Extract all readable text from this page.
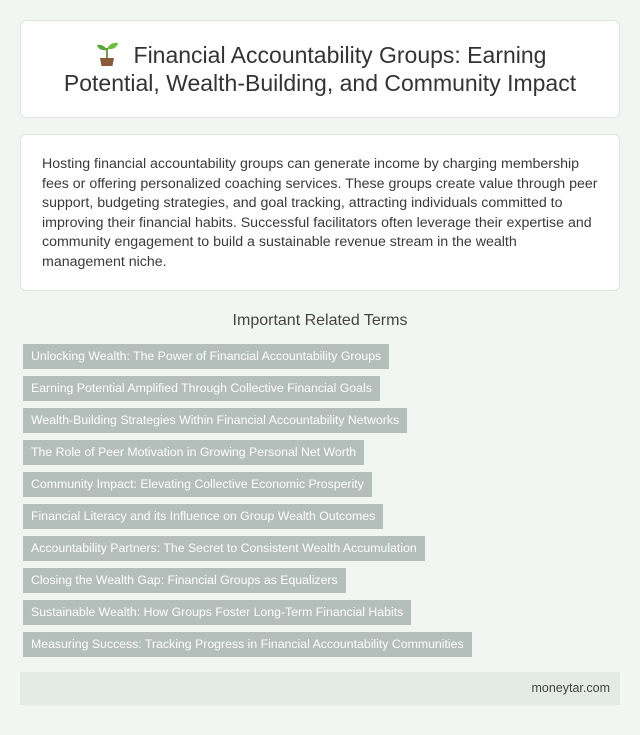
Financial Accountability Groups: Earning Potential, Wealth-Building, and Community Impact

Hosting financial accountability groups can generate income by charging membership fees or offering personalized coaching services. These groups create value through peer support, budgeting strategies, and goal tracking, attracting individuals committed to improving their financial habits. Successful facilitators often leverage their expertise and community engagement to build a sustainable revenue stream in the wealth management niche.

Important Related Terms
Unlocking Wealth: The Power of Financial Accountability Groups
Earning Potential Amplified Through Collective Financial Goals
Wealth-Building Strategies Within Financial Accountability Networks
The Role of Peer Motivation in Growing Personal Net Worth
Community Impact: Elevating Collective Economic Prosperity
Financial Literacy and its Influence on Group Wealth Outcomes
Accountability Partners: The Secret to Consistent Wealth Accumulation
Closing the Wealth Gap: Financial Groups as Equalizers
Sustainable Wealth: How Groups Foster Long-Term Financial Habits
Measuring Success: Tracking Progress in Financial Accountability Communities
moneytar.com
